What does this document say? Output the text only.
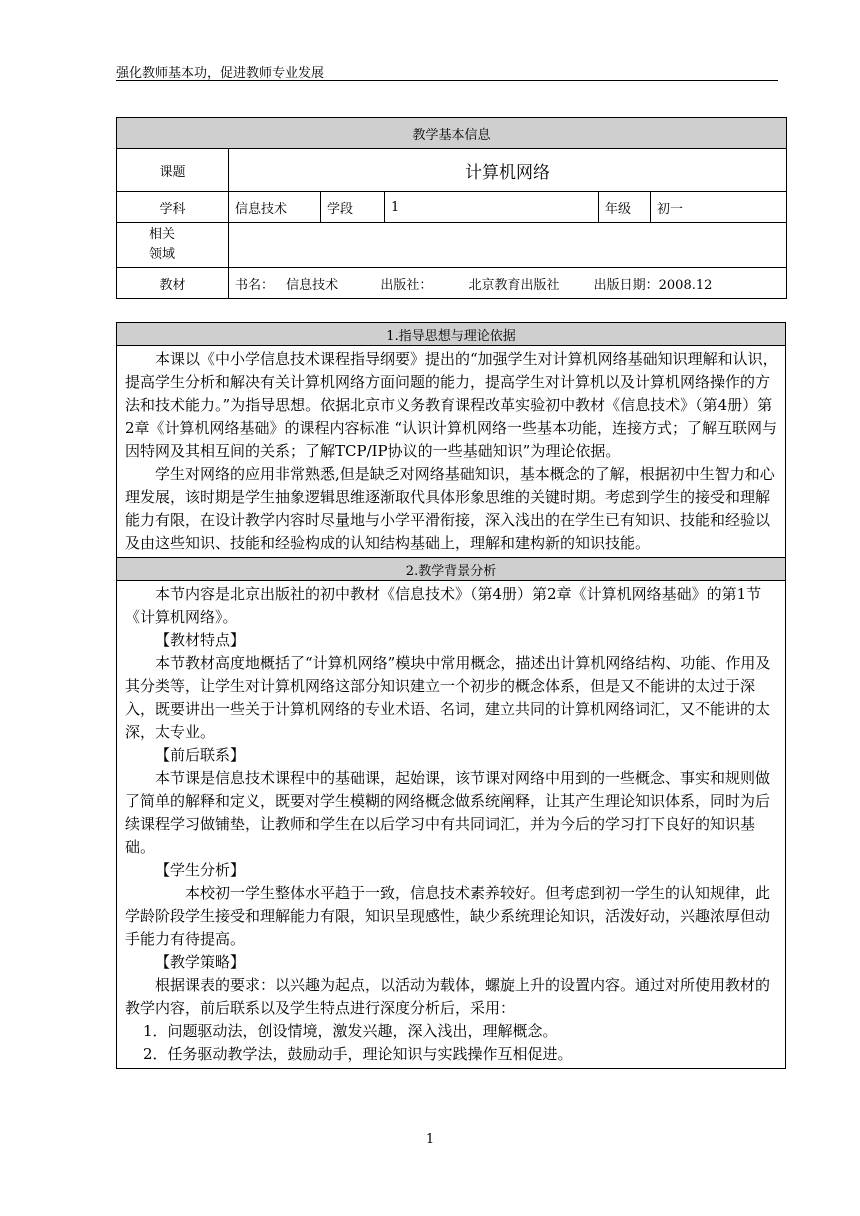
强化教师基本功，促进教师专业发展
教学基本信息					
课题	计算机网络				
学科	信息技术	学段	1	年级	初一
相关
领域					
教材	书名： 信息技术 出版社： 北京教育出版社 出版日期：2008.12				
1.指导思想与理论依据

本课以《中小学信息技术课程指导纲要》提出的“加强学生对计算机网络基础知识理解和认识，提高学生分析和解决有关计算机网络方面问题的能力，提高学生对计算机以及计算机网络操作的方法和技术能力。”为指导思想。依据北京市义务教育课程改革实验初中教材《信息技术》（第4册）第2章《计算机网络基础》的课程内容标准 “认识计算机网络一些基本功能，连接方式；了解互联网与因特网及其相互间的关系；了解TCP/IP协议的一些基础知识”为理论依据。

学生对网络的应用非常熟悉,但是缺乏对网络基础知识，基本概念的了解，根据初中生智力和心理发展，该时期是学生抽象逻辑思维逐渐取代具体形象思维的关键时期。考虑到学生的接受和理解能力有限，在设计教学内容时尽量地与小学平滑衔接，深入浅出的在学生已有知识、技能和经验以及由这些知识、技能和经验构成的认知结构基础上，理解和建构新的知识技能。

2.教学背景分析

本节内容是北京出版社的初中教材《信息技术》（第4册）第2章《计算机网络基础》的第1节《计算机网络》。

【教材特点】

本节教材高度地概括了“计算机网络”模块中常用概念，描述出计算机网络结构、功能、作用及其分类等，让学生对计算机网络这部分知识建立一个初步的概念体系，但是又不能讲的太过于深入，既要讲出一些关于计算机网络的专业术语、名词，建立共同的计算机网络词汇，又不能讲的太深，太专业。

【前后联系】

本节课是信息技术课程中的基础课，起始课，该节课对网络中用到的一些概念、事实和规则做了简单的解释和定义，既要对学生模糊的网络概念做系统阐释，让其产生理论知识体系，同时为后续课程学习做铺垫，让教师和学生在以后学习中有共同词汇，并为今后的学习打下良好的知识基础。

【学生分析】

本校初一学生整体水平趋于一致，信息技术素养较好。但考虑到初一学生的认知规律，此学龄阶段学生接受和理解能力有限，知识呈现感性，缺少系统理论知识，活泼好动，兴趣浓厚但动手能力有待提高。

【教学策略】

根据课表的要求：以兴趣为起点，以活动为载体，螺旋上升的设置内容。通过对所使用教材的教学内容，前后联系以及学生特点进行深度分析后，采用：

1．问题驱动法，创设情境，激发兴趣，深入浅出，理解概念。

2．任务驱动教学法，鼓励动手，理论知识与实践操作互相促进。

1
